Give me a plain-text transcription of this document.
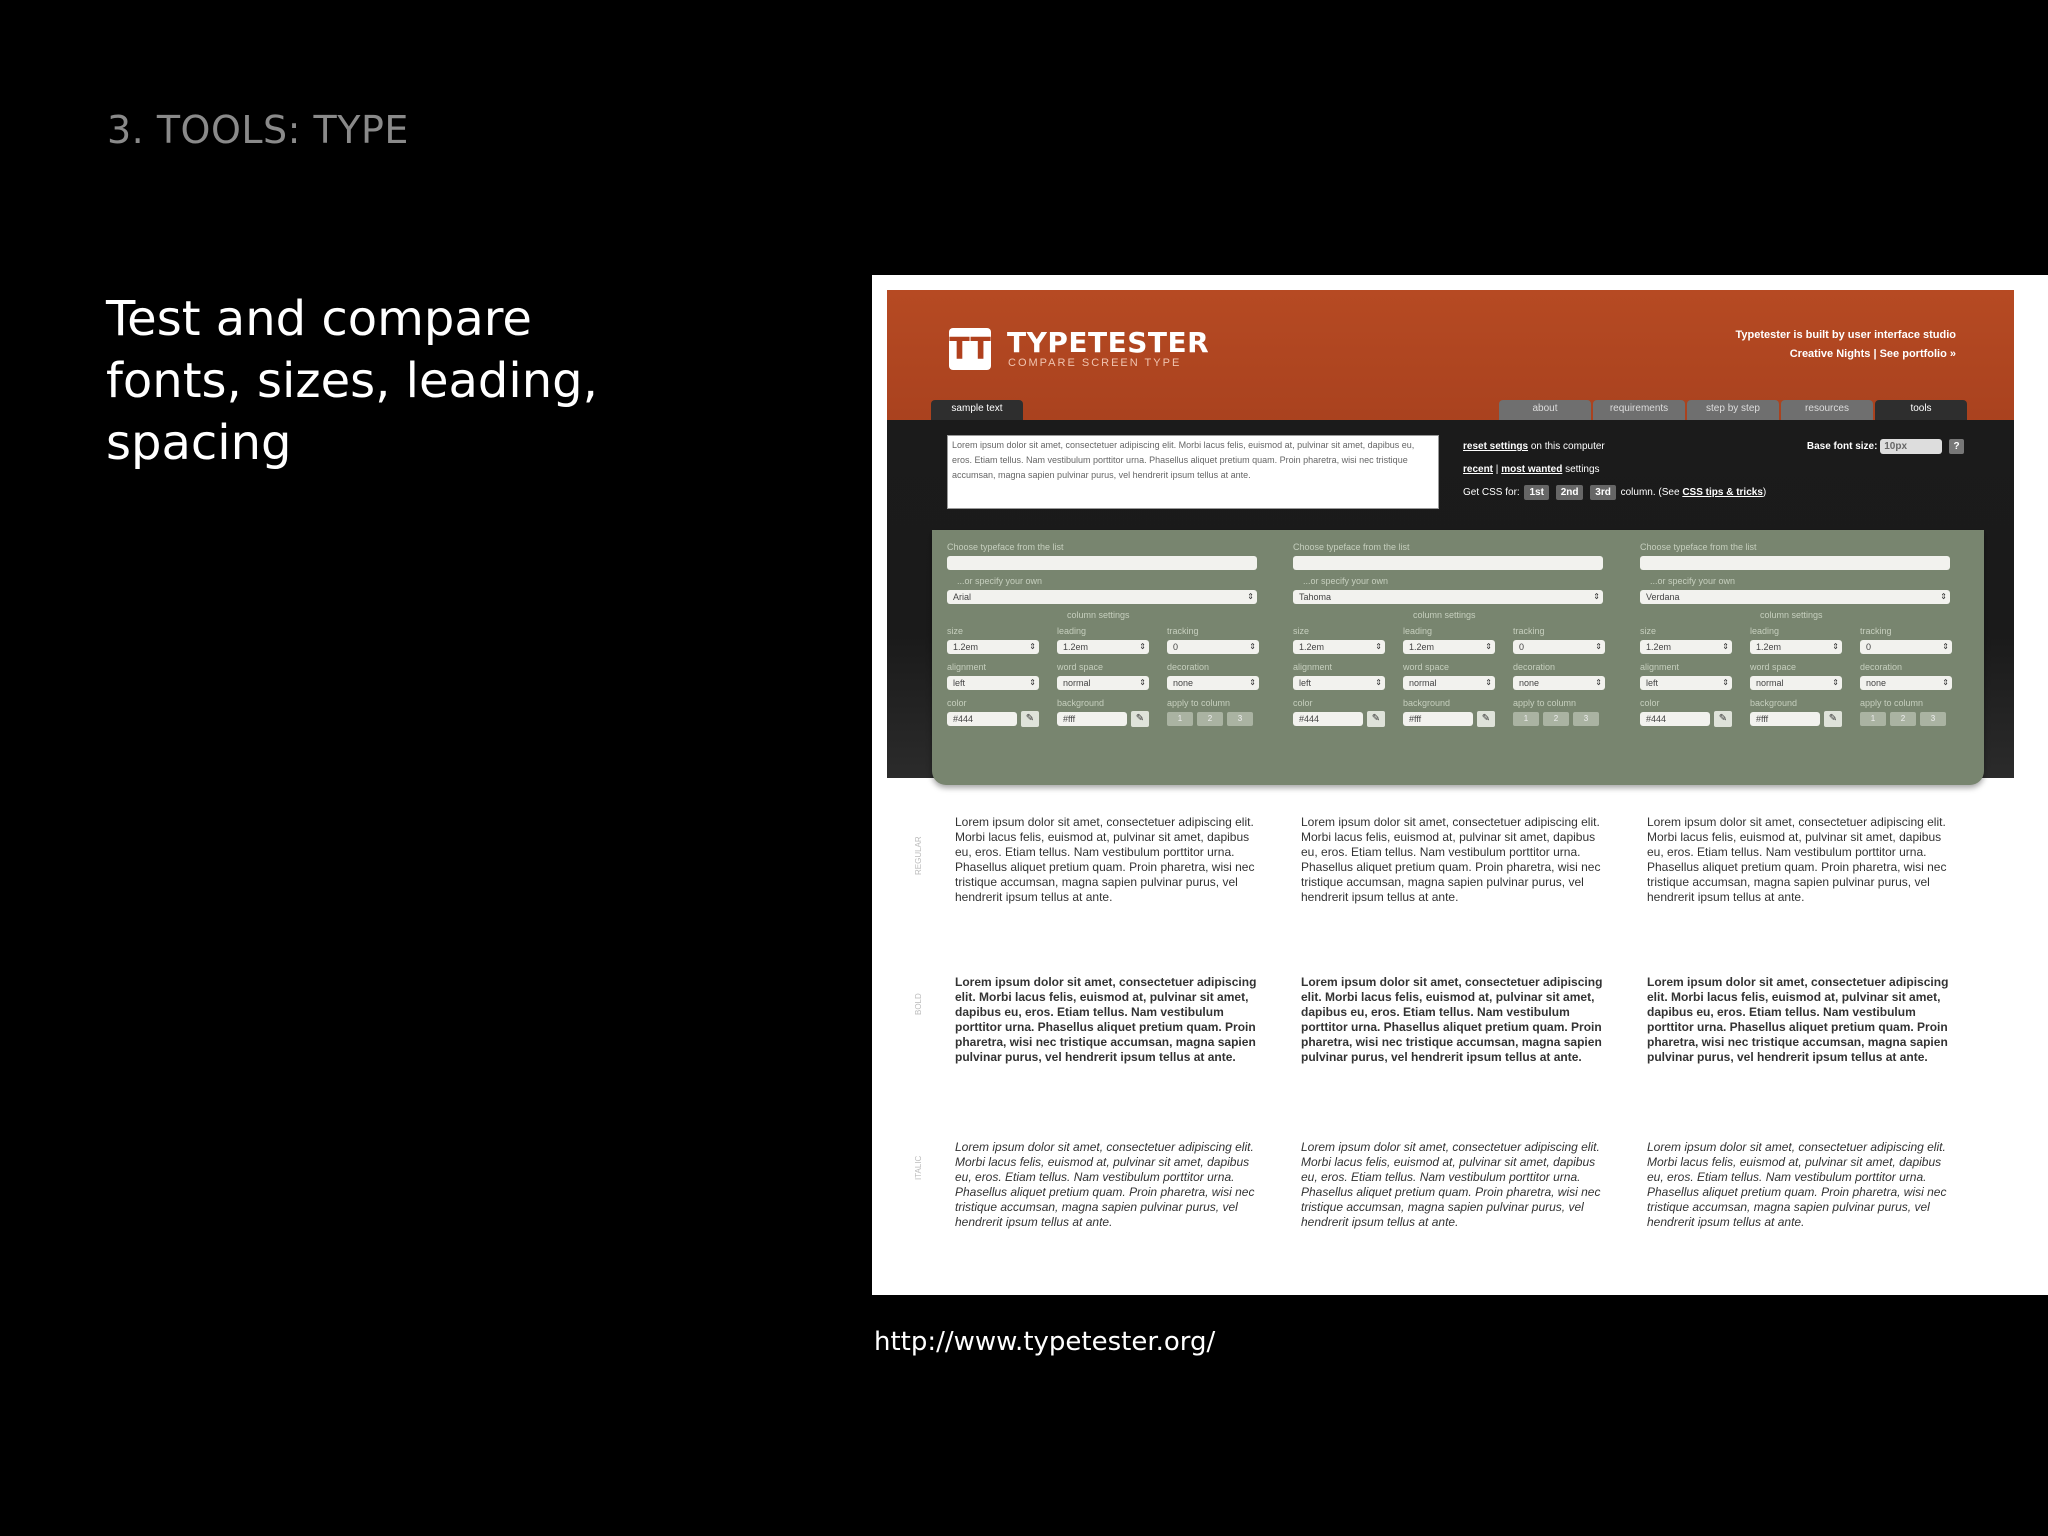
3. TOOLS: TYPE
Test and compare fonts, sizes, leading, spacing
http://www.typetester.org/
TT TYPETESTER
COMPARE SCREEN TYPE
Typetester is built by user interface studio
Creative Nights | See portfolio »
sample text	about	requirements	step by step	resources	tools
Lorem ipsum dolor sit amet, consectetuer adipiscing elit. Morbi lacus felis, euismod at, pulvinar sit amet, dapibus eu, eros. Etiam tellus. Nam vestibulum porttitor urna. Phasellus aliquet pretium quam. Proin pharetra, wisi nec tristique accumsan, magna sapien pulvinar purus, vel hendrerit ipsum tellus at ante.
reset settings on this computer
recent | most wanted settings
Get CSS for: 1st 2nd 3rd column. (See CSS tips & tricks)
Base font size: 10px	?
Choose typeface from the list
...or specify your own
Arial ⇕
column settings
size	leading	tracking
1.2em ⇕	1.2em ⇕	0 ⇕
alignment	word space	decoration
left ⇕	normal ⇕	none ⇕
color	background	apply to column
#444	✎	#fff	✎	1	2	3
Choose typeface from the list
...or specify your own
Tahoma ⇕
column settings
size	leading	tracking
1.2em ⇕	1.2em ⇕	0 ⇕
alignment	word space	decoration
left ⇕	normal ⇕	none ⇕
color	background	apply to column
#444	✎	#fff	✎	1	2	3
Choose typeface from the list
...or specify your own
Verdana ⇕
column settings
size	leading	tracking
1.2em ⇕	1.2em ⇕	0 ⇕
alignment	word space	decoration
left ⇕	normal ⇕	none ⇕
color	background	apply to column
#444	✎	#fff	✎	1	2	3
REGULAR
BOLD
ITALIC
Lorem ipsum dolor sit amet, consectetuer adipiscing elit. Morbi lacus felis, euismod at, pulvinar sit amet, dapibus eu, eros. Etiam tellus. Nam vestibulum porttitor urna. Phasellus aliquet pretium quam. Proin pharetra, wisi nec tristique accumsan, magna sapien pulvinar purus, vel hendrerit ipsum tellus at ante.
Lorem ipsum dolor sit amet, consectetuer adipiscing elit. Morbi lacus felis, euismod at, pulvinar sit amet, dapibus eu, eros. Etiam tellus. Nam vestibulum porttitor urna. Phasellus aliquet pretium quam. Proin pharetra, wisi nec tristique accumsan, magna sapien pulvinar purus, vel hendrerit ipsum tellus at ante.
Lorem ipsum dolor sit amet, consectetuer adipiscing elit. Morbi lacus felis, euismod at, pulvinar sit amet, dapibus eu, eros. Etiam tellus. Nam vestibulum porttitor urna. Phasellus aliquet pretium quam. Proin pharetra, wisi nec tristique accumsan, magna sapien pulvinar purus, vel hendrerit ipsum tellus at ante.
Lorem ipsum dolor sit amet, consectetuer adipiscing elit. Morbi lacus felis, euismod at, pulvinar sit amet, dapibus eu, eros. Etiam tellus. Nam vestibulum porttitor urna. Phasellus aliquet pretium quam. Proin pharetra, wisi nec tristique accumsan, magna sapien pulvinar purus, vel hendrerit ipsum tellus at ante.
Lorem ipsum dolor sit amet, consectetuer adipiscing elit. Morbi lacus felis, euismod at, pulvinar sit amet, dapibus eu, eros. Etiam tellus. Nam vestibulum porttitor urna. Phasellus aliquet pretium quam. Proin pharetra, wisi nec tristique accumsan, magna sapien pulvinar purus, vel hendrerit ipsum tellus at ante.
Lorem ipsum dolor sit amet, consectetuer adipiscing elit. Morbi lacus felis, euismod at, pulvinar sit amet, dapibus eu, eros. Etiam tellus. Nam vestibulum porttitor urna. Phasellus aliquet pretium quam. Proin pharetra, wisi nec tristique accumsan, magna sapien pulvinar purus, vel hendrerit ipsum tellus at ante.
Lorem ipsum dolor sit amet, consectetuer adipiscing elit. Morbi lacus felis, euismod at, pulvinar sit amet, dapibus eu, eros. Etiam tellus. Nam vestibulum porttitor urna. Phasellus aliquet pretium quam. Proin pharetra, wisi nec tristique accumsan, magna sapien pulvinar purus, vel hendrerit ipsum tellus at ante.
Lorem ipsum dolor sit amet, consectetuer adipiscing elit. Morbi lacus felis, euismod at, pulvinar sit amet, dapibus eu, eros. Etiam tellus. Nam vestibulum porttitor urna. Phasellus aliquet pretium quam. Proin pharetra, wisi nec tristique accumsan, magna sapien pulvinar purus, vel hendrerit ipsum tellus at ante.
Lorem ipsum dolor sit amet, consectetuer adipiscing elit. Morbi lacus felis, euismod at, pulvinar sit amet, dapibus eu, eros. Etiam tellus. Nam vestibulum porttitor urna. Phasellus aliquet pretium quam. Proin pharetra, wisi nec tristique accumsan, magna sapien pulvinar purus, vel hendrerit ipsum tellus at ante.
